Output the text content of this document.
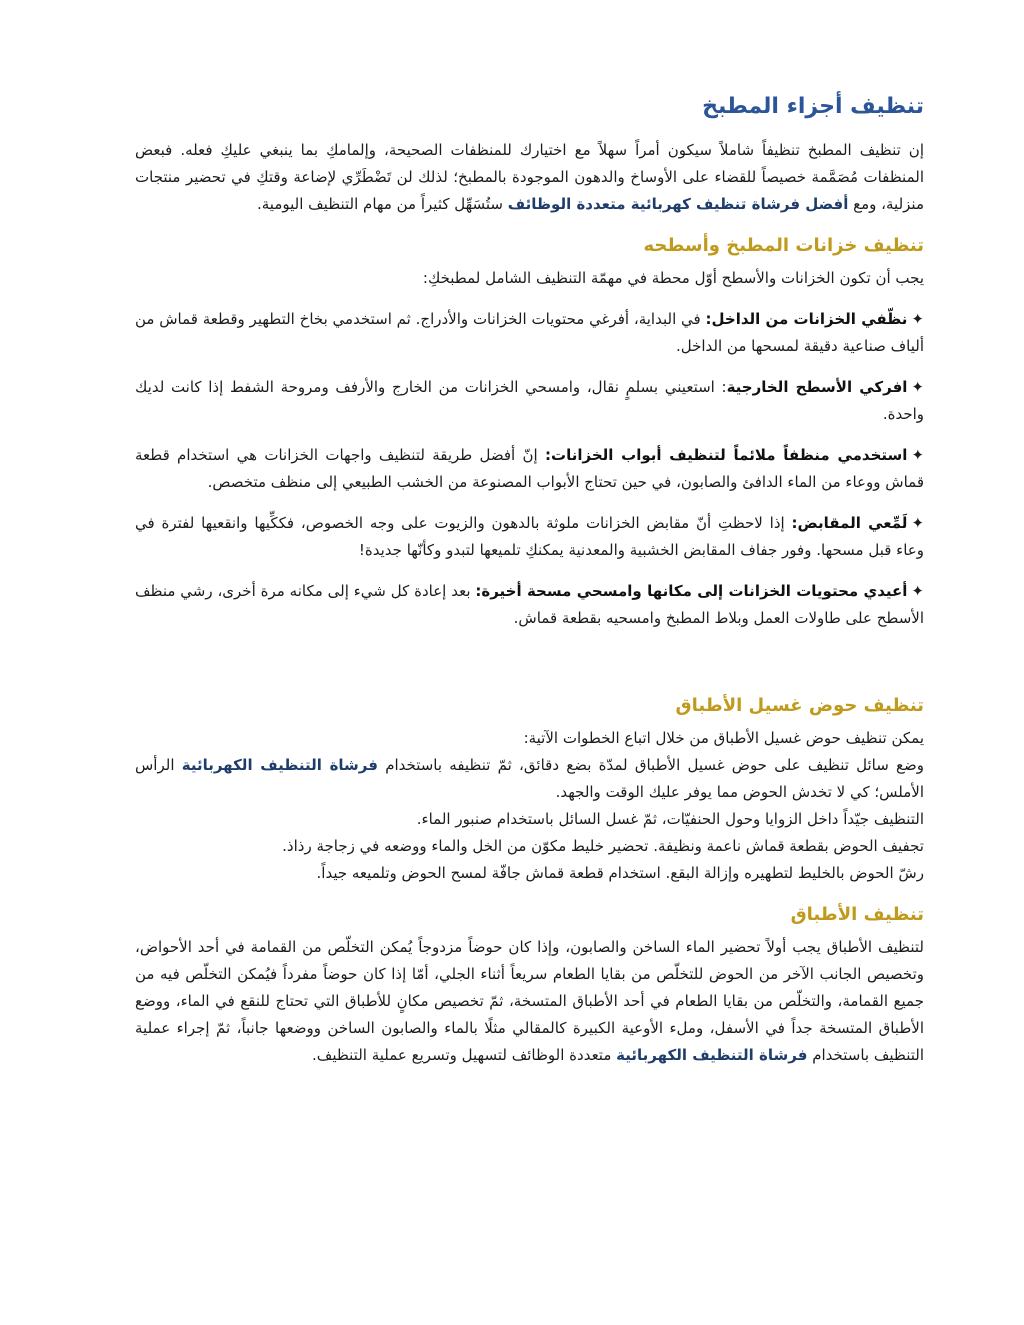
تنظيف أجزاء المطبخ

إن تنظيف المطبخ تنظيفاً شاملاً سيكون أمراً سهلاً مع اختيارك للمنظفات الصحيحة، وإلمامكِ بما ينبغي عليكِ فعله. فبعض المنظفات مُصَمَّمة خصيصاً للقضاء على الأوساخ والدهون الموجودة بالمطبخ؛ لذلك لن تَضْطَرِّي لإضاعة وقتكِ في تحضير منتجات منزلية، ومع أفضل فرشاة تنظيف كهربائية متعددة الوظائف ستُسَهِّل كثيراً من مهام التنظيف اليومية.

تنظيف خزانات المطبخ وأسطحه

يجب أن تكون الخزانات والأسطح أوّل محطة في مهمّة التنظيف الشامل لمطبخكِ:

✦نظّفي الخزانات من الداخل: في البداية، أفرغي محتويات الخزانات والأدراج. ثم استخدمي بخاخ التطهير وقطعة قماش من ألياف صناعية دقيقة لمسحها من الداخل.
✦افركي الأسطح الخارجية: استعيني بسلمٍ نقال، وامسحي الخزانات من الخارج والأرفف ومروحة الشفط إذا كانت لديك واحدة.
✦استخدمي منظفاً ملائماً لتنظيف أبواب الخزانات: إنّ أفضل طريقة لتنظيف واجهات الخزانات هي استخدام قطعة قماش ووعاء من الماء الدافئ والصابون، في حين تحتاج الأبواب المصنوعة من الخشب الطبيعي إلى منظف متخصص.
✦لَمِّعي المقابض: إذا لاحظتِ أنّ مقابض الخزانات ملوثة بالدهون والزيوت على وجه الخصوص، فككِّيها وانقعيها لفترة في وعاء قبل مسحها. وفور جفاف المقابض الخشبية والمعدنية يمكنكِ تلميعها لتبدو وكأنّها جديدة!
✦أعيدي محتويات الخزانات إلى مكانها وامسحي مسحة أخيرة: بعد إعادة كل شيء إلى مكانه مرة أخرى، رشي منظف الأسطح على طاولات العمل وبلاط المطبخ وامسحيه بقطعة قماش.
تنظيف حوض غسيل الأطباق

يمكن تنظيف حوض غسيل الأطباق من خلال اتباع الخطوات الآتية:

وضع سائل تنظيف على حوض غسيل الأطباق لمدّة بضع دقائق، ثمّ تنظيفه باستخدام فرشاة التنظيف الكهربائية الرأس الأملس؛ كي لا تخدش الحوض مما يوفر عليك الوقت والجهد.

التنظيف جيّداً داخل الزوايا وحول الحنفيّات، ثمّ غسل السائل باستخدام صنبور الماء.

تجفيف الحوض بقطعة قماش ناعمة ونظيفة. تحضير خليط مكوّن من الخل والماء ووضعه في زجاجة رذاذ.

رشّ الحوض بالخليط لتطهيره وإزالة البقع. استخدام قطعة قماش جافّة لمسح الحوض وتلميعه جيداً.

تنظيف الأطباق

لتنظيف الأطباق يجب أولاً تحضير الماء الساخن والصابون، وإذا كان حوضاً مزدوجاً يُمكن التخلّص من القمامة في أحد الأحواض، وتخصيص الجانب الآخر من الحوض للتخلّص من بقايا الطعام سريعاً أثناء الجلي، أمّا إذا كان حوضاً مفرداً فيُمكن التخلّص فيه من جميع القمامة، والتخلّص من بقايا الطعام في أحد الأطباق المتسخة، ثمّ تخصيص مكانٍ للأطباق التي تحتاج للنقع في الماء، ووضع الأطباق المتسخة جداً في الأسفل، وملء الأوعية الكبيرة كالمقالي مثلًا بالماء والصابون الساخن ووضعها جانباً، ثمّ إجراء عملية التنظيف باستخدام فرشاة التنظيف الكهربائية متعددة الوظائف لتسهيل وتسريع عملية التنظيف.
